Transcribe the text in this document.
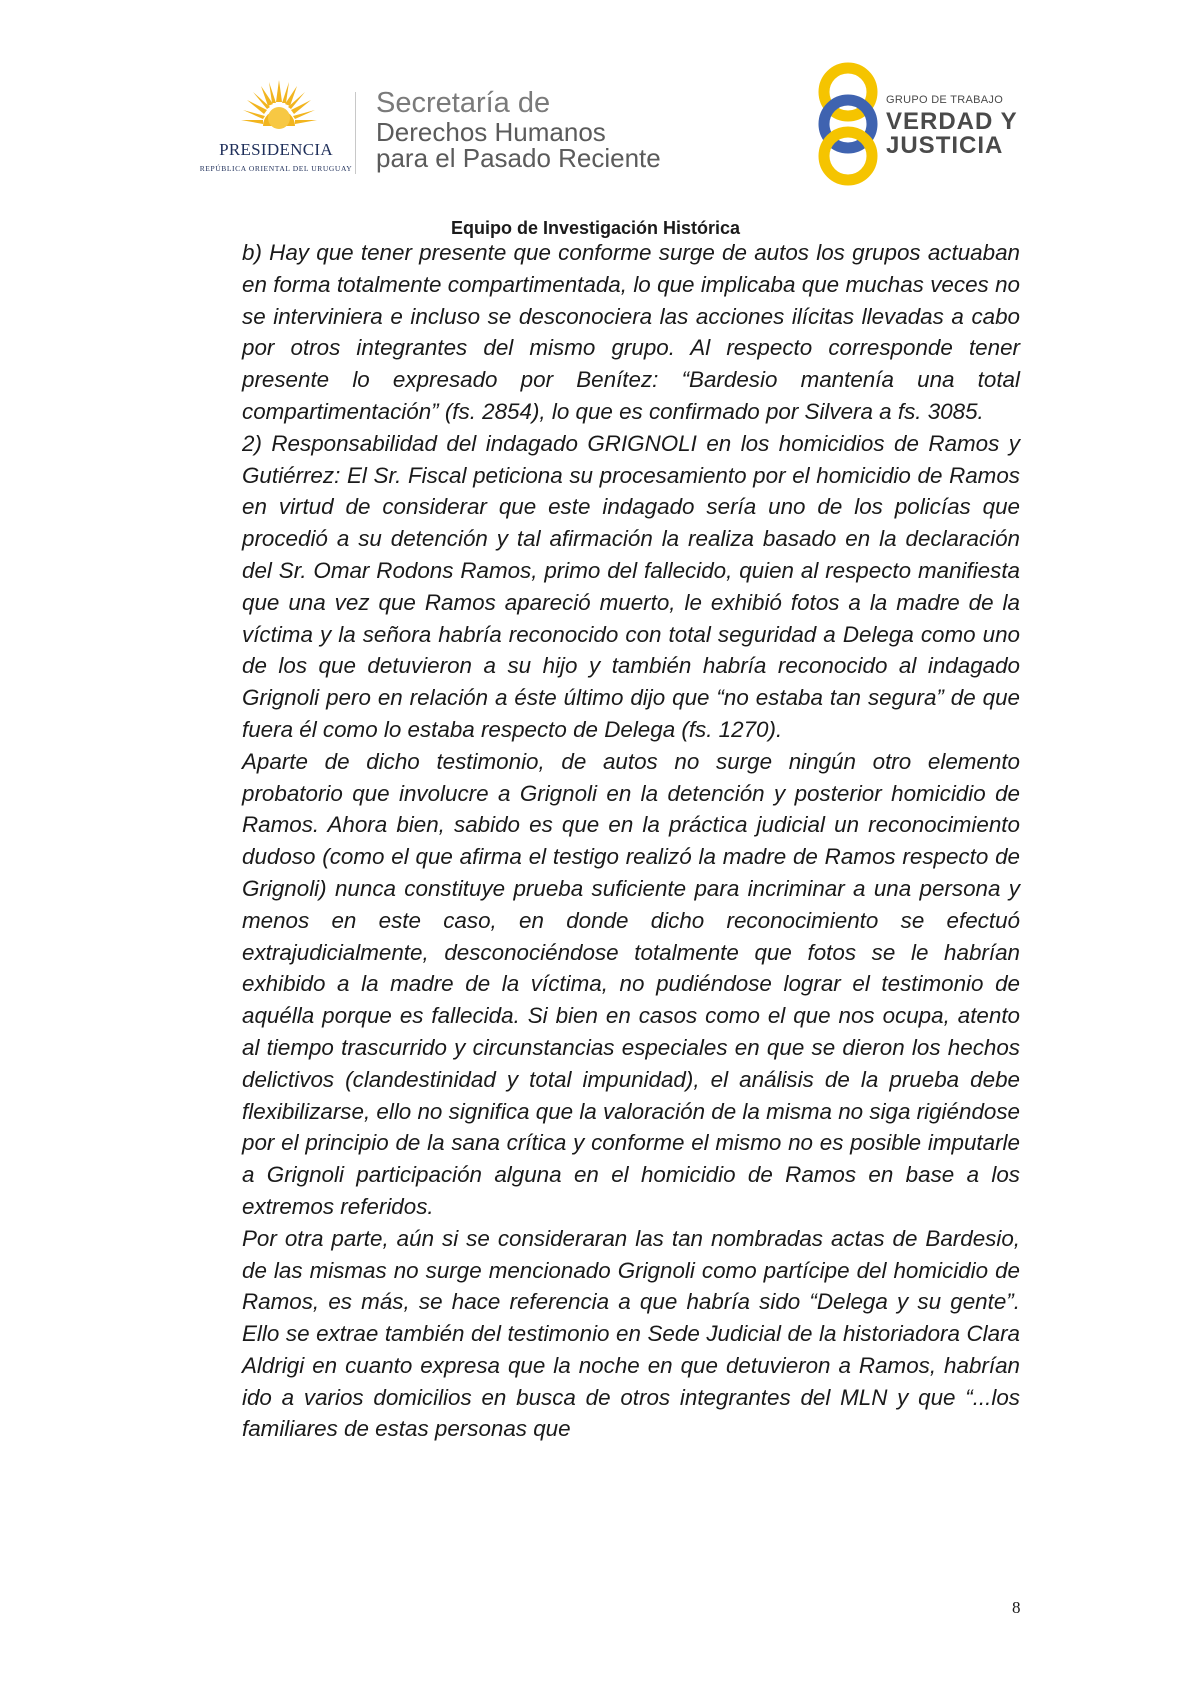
PRESIDENCIA
REPÚBLICA ORIENTAL DEL URUGUAY
Secretaría de
Derechos Humanos
para el Pasado Reciente
GRUPO DE TRABAJO
VERDAD Y
JUSTICIA
Equipo de Investigación Histórica

b) Hay que tener presente que conforme surge de autos los grupos actuaban en forma totalmente compartimentada, lo que implicaba que muchas veces no se interviniera e incluso se desconociera las acciones ilícitas llevadas a cabo por otros integrantes del mismo grupo. Al respecto corresponde tener presente lo expresado por Benítez: “Bardesio mantenía una total compartimentación” (fs. 2854), lo que es confirmado por Silvera a fs. 3085.

2) Responsabilidad del indagado GRIGNOLI en los homicidios de Ramos y Gutiérrez: El Sr. Fiscal peticiona su procesamiento por el homicidio de Ramos en virtud de considerar que este indagado sería uno de los policías que procedió a su detención y tal afirmación la realiza basado en la declaración del Sr. Omar Rodons Ramos, primo del fallecido, quien al respecto manifiesta que una vez que Ramos apareció muerto, le exhibió fotos a la madre de la víctima y la señora habría reconocido con total seguridad a Delega como uno de los que detuvieron a su hijo y también habría reconocido al indagado Grignoli pero en relación a éste último dijo que “no estaba tan segura” de que fuera él como lo estaba respecto de Delega (fs. 1270).

Aparte de dicho testimonio, de autos no surge ningún otro elemento probatorio que involucre a Grignoli en la detención y posterior homicidio de Ramos. Ahora bien, sabido es que en la práctica judicial un reconocimiento dudoso (como el que afirma el testigo realizó la madre de Ramos respecto de Grignoli) nunca constituye prueba suficiente para incriminar a una persona y menos en este caso, en donde dicho reconocimiento se efectuó extrajudicialmente, desconociéndose totalmente que fotos se le habrían exhibido a la madre de la víctima, no pudiéndose lograr el testimonio de aquélla porque es fallecida. Si bien en casos como el que nos ocupa, atento al tiempo trascurrido y circunstancias especiales en que se dieron los hechos delictivos (clandestinidad y total impunidad), el análisis de la prueba debe flexibilizarse, ello no significa que la valoración de la misma no siga rigiéndose por el principio de la sana crítica y conforme el mismo no es posible imputarle a Grignoli participación alguna en el homicidio de Ramos en base a los extremos referidos.

Por otra parte, aún si se consideraran las tan nombradas actas de Bardesio, de las mismas no surge mencionado Grignoli como partícipe del homicidio de Ramos, es más, se hace referencia a que habría sido “Delega y su gente”. Ello se extrae también del testimonio en Sede Judicial de la historiadora Clara Aldrigi en cuanto expresa que la noche en que detuvieron a Ramos, habrían ido a varios domicilios en busca de otros integrantes del MLN y que “...los familiares de estas personas que

8
